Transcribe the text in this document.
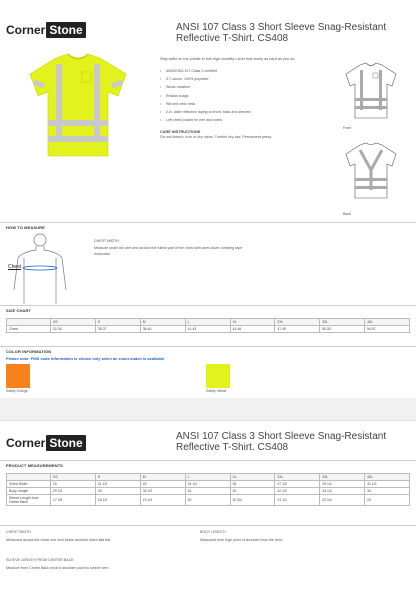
Corner Stone	ANSI 107 Class 3 Short Sleeve Snag-Resistant
Reflective T-Shirt. CS408

Stay safer on the jobsite in this high-visibility t-shirt that works as hard as you do.

• ANSI/ISEA 107 Class 3 certified
• 3.7-ounce, 100% polyester
• Wicks moisture
• Resists snags
• Rib knit crew neck
• 2-in. wide reflective taping on front, back and sleeves
• Left chest pocket for pen and notes
CARE INSTRUCTIONS

Do not bleach, iron or dry clean. Tumble dry low. Permanent press.

Front
Back
HOW TO MEASURE
Chest
CHEST WIDTH
Measure under the arm and around the fullest part of the chest with arms down, keeping tape horizontal.
SIZE CHART
	XS	S	M	L	XL	2XL	3XL	4XL
Chest	32-34	35-37	38-40	41-43	44-46	47-49	50-53	54-57
COLOR INFORMATION
Please note: PMS code information is shown only when an exact match is available.
Safety Orange	Safety Yellow
Corner Stone	ANSI 107 Class 3 Short Sleeve Snag-Resistant
Reflective T-Shirt. CS408
PRODUCT MEASUREMENTS
	XS	S	M	L	XL	2XL	3XL	4XL
Chest Width	20	21 1/2	23	24 1/2	26	27 1/2	29 1/2	31 1/2
Body Length	29 1/2	30	30 1/2	31	32	32 1/2	33 1/2	34
Sleeve Length from Center Back	17 3/4	18 1/2	19 1/4	20	20 3/4	21 1/2	22 1/4	23
CHEST WIDTH
Measured across the chest one inch below armhole when laid flat.
BODY LENGTH
Measured from high point of shoulder from the front.
SLEEVE LENGTH FROM CENTER BACK
Measure from Center Back neck to shoulder point to sleeve hem.
